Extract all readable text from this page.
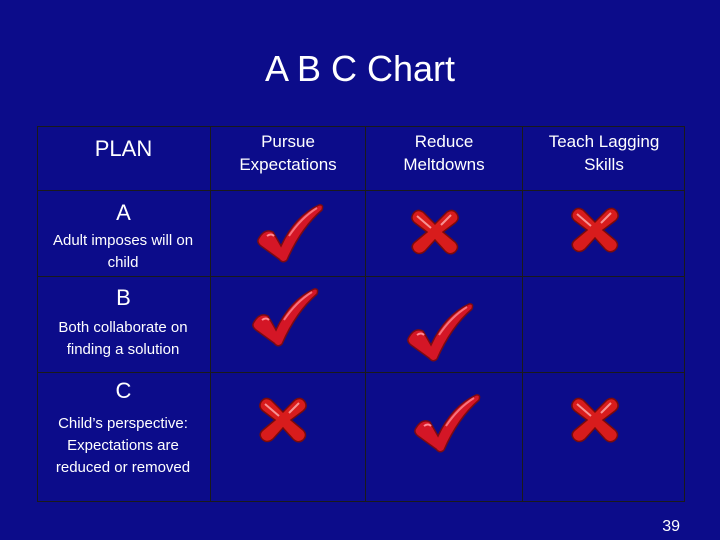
A B C Chart
PLAN	Pursue Expectations
Reduce Meltdowns
Teach Lagging Skills
A
Adult imposes will on child
B
Both collaborate on finding a solution
C
Child’s perspective: Expectations are reduced or removed
39
